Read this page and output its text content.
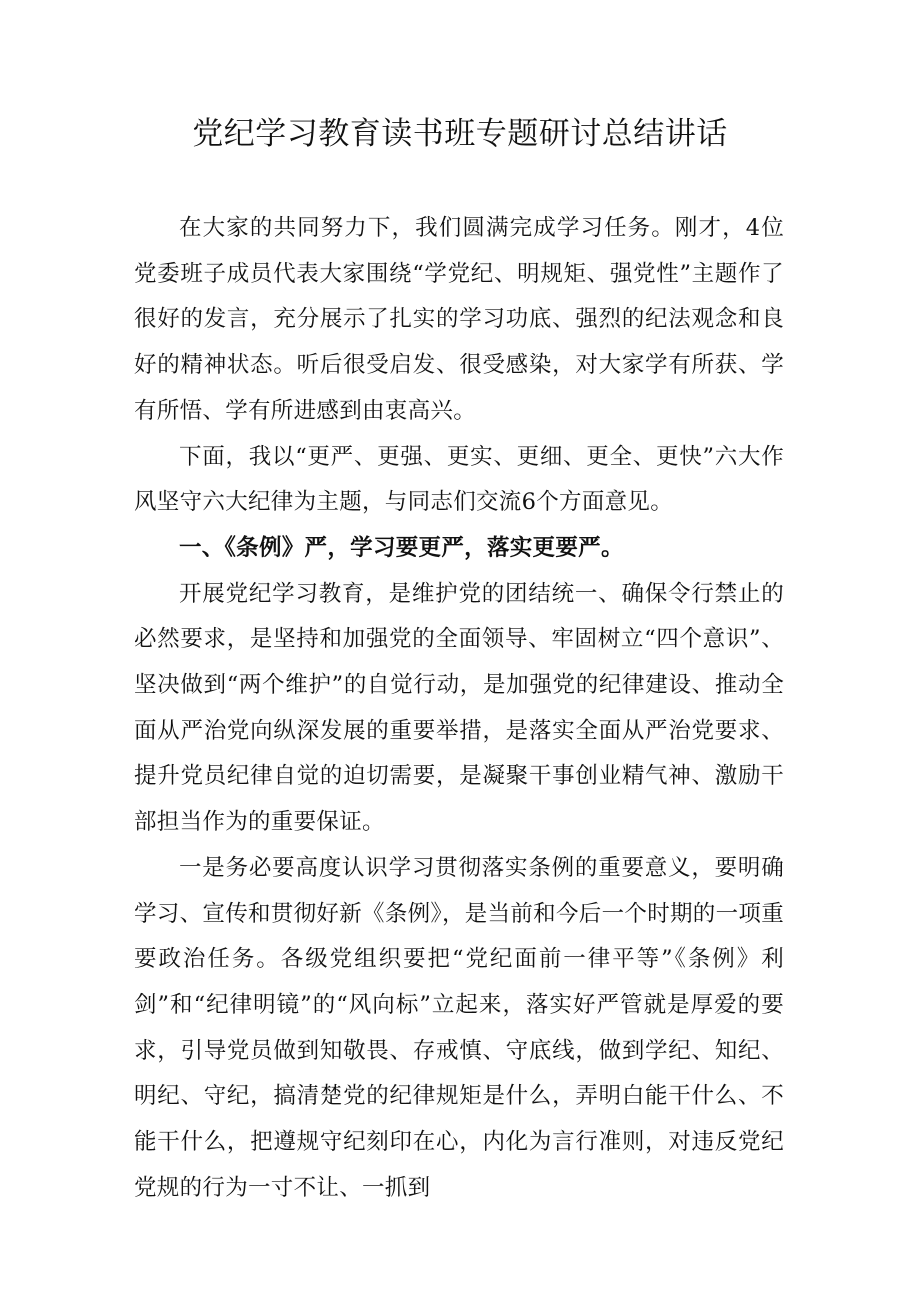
党纪学习教育读书班专题研讨总结讲话

在大家的共同努力下，我们圆满完成学习任务。刚才，4位党委班子成员代表大家围绕“学党纪、明规矩、强党性”主题作了很好的发言，充分展示了扎实的学习功底、强烈的纪法观念和良好的精神状态。听后很受启发、很受感染，对大家学有所获、学有所悟、学有所进感到由衷高兴。

下面，我以“更严、更强、更实、更细、更全、更快”六大作风坚守六大纪律为主题，与同志们交流6个方面意见。

一、《条例》严，学习要更严，落实更要严。

开展党纪学习教育，是维护党的团结统一、确保令行禁止的必然要求，是坚持和加强党的全面领导、牢固树立“四个意识”、坚决做到“两个维护”的自觉行动，是加强党的纪律建设、推动全面从严治党向纵深发展的重要举措，是落实全面从严治党要求、提升党员纪律自觉的迫切需要，是凝聚干事创业精气神、激励干部担当作为的重要保证。

一是务必要高度认识学习贯彻落实条例的重要意义，要明确学习、宣传和贯彻好新《条例》，是当前和今后一个时期的一项重要政治任务。各级党组织要把“党纪面前一律平等”《条例》利剑”和“纪律明镜”的“风向标”立起来，落实好严管就是厚爱的要求，引导党员做到知敬畏、存戒慎、守底线，做到学纪、知纪、明纪、守纪，搞清楚党的纪律规矩是什么，弄明白能干什么、不能干什么，把遵规守纪刻印在心，内化为言行准则，对违反党纪党规的行为一寸不让、一抓到
